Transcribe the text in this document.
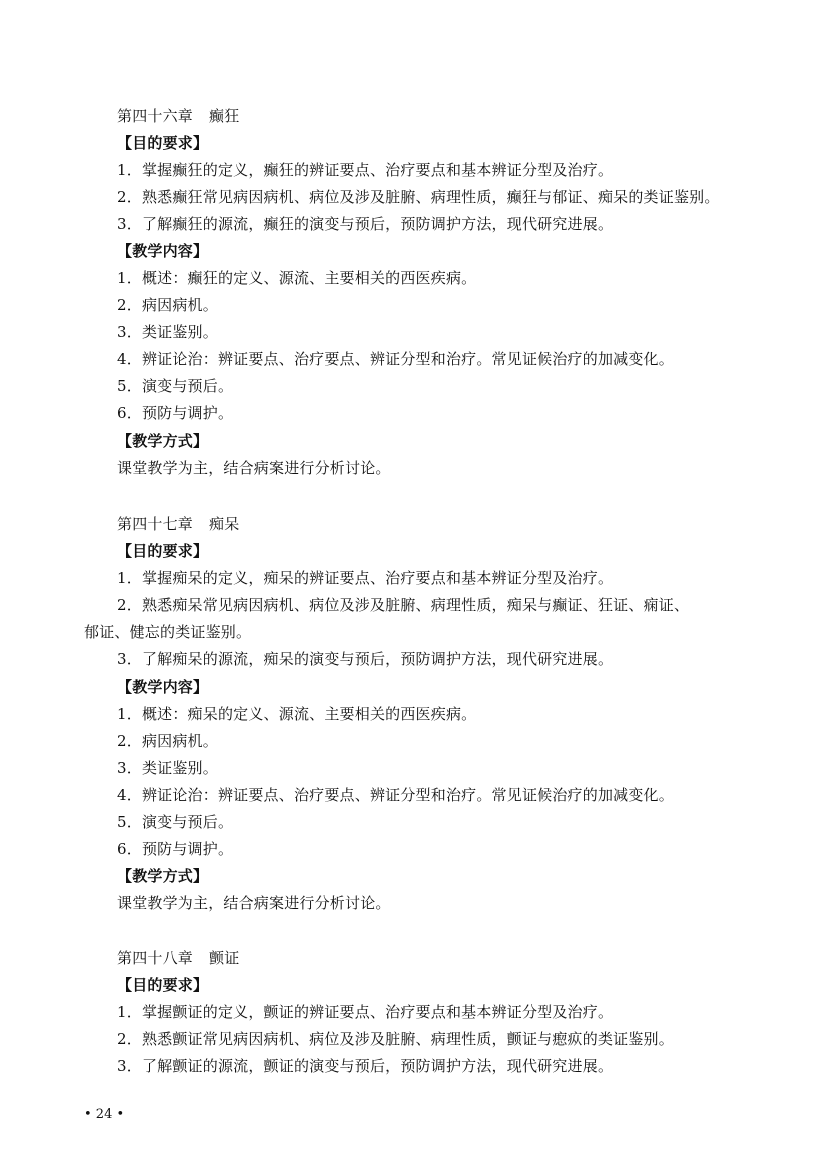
第四十六章 癫狂
【目的要求】
1．掌握癫狂的定义，癫狂的辨证要点、治疗要点和基本辨证分型及治疗。
2．熟悉癫狂常见病因病机、病位及涉及脏腑、病理性质，癫狂与郁证、痴呆的类证鉴别。
3．了解癫狂的源流，癫狂的演变与预后，预防调护方法，现代研究进展。
【教学内容】
1．概述：癫狂的定义、源流、主要相关的西医疾病。
2．病因病机。
3．类证鉴别。
4．辨证论治：辨证要点、治疗要点、辨证分型和治疗。常见证候治疗的加减变化。
5．演变与预后。
6．预防与调护。
【教学方式】
课堂教学为主，结合病案进行分析讨论。
第四十七章 痴呆
【目的要求】
1．掌握痴呆的定义，痴呆的辨证要点、治疗要点和基本辨证分型及治疗。
2．熟悉痴呆常见病因病机、病位及涉及脏腑、病理性质，痴呆与癫证、狂证、痫证、
郁证、健忘的类证鉴别。
3．了解痴呆的源流，痴呆的演变与预后，预防调护方法，现代研究进展。
【教学内容】
1．概述：痴呆的定义、源流、主要相关的西医疾病。
2．病因病机。
3．类证鉴别。
4．辨证论治：辨证要点、治疗要点、辨证分型和治疗。常见证候治疗的加减变化。
5．演变与预后。
6．预防与调护。
【教学方式】
课堂教学为主，结合病案进行分析讨论。
第四十八章 颤证
【目的要求】
1．掌握颤证的定义，颤证的辨证要点、治疗要点和基本辨证分型及治疗。
2．熟悉颤证常见病因病机、病位及涉及脏腑、病理性质，颤证与瘛疭的类证鉴别。
3．了解颤证的源流，颤证的演变与预后，预防调护方法，现代研究进展。
• 24 •
